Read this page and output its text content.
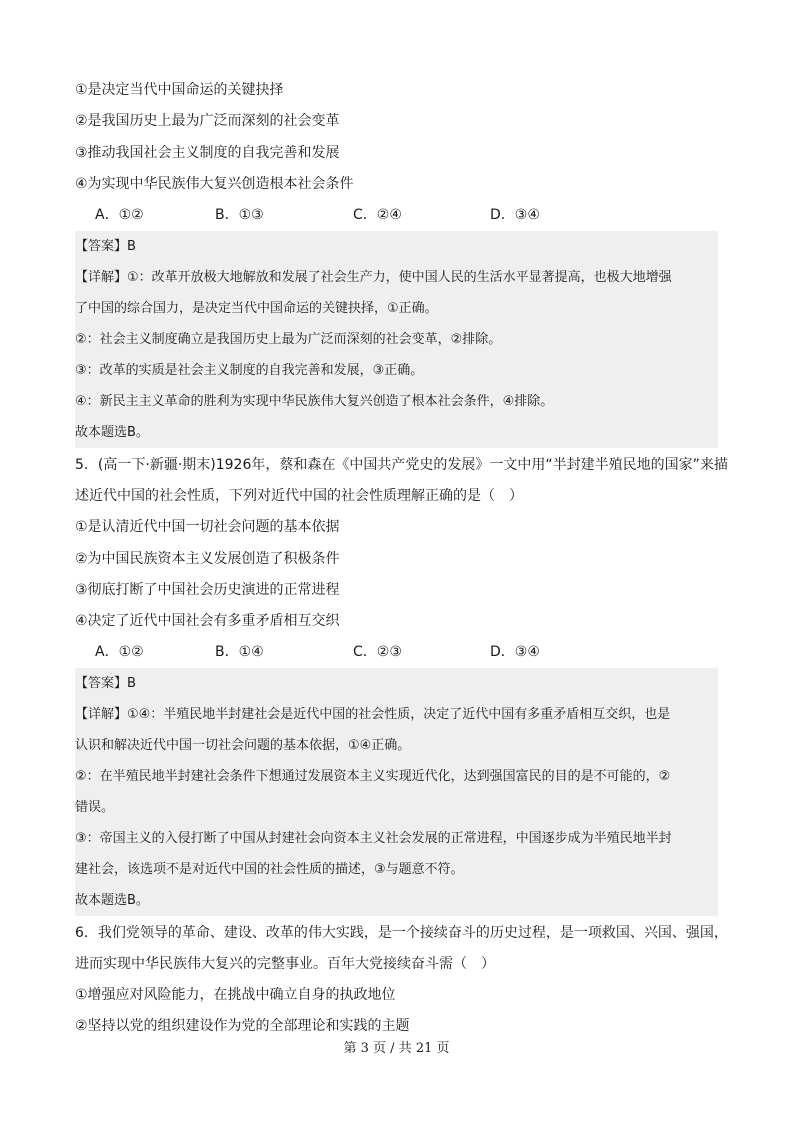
①是决定当代中国命运的关键抉择
②是我国历史上最为广泛而深刻的社会变革
③推动我国社会主义制度的自我完善和发展
④为实现中华民族伟大复兴创造根本社会条件
A．①②	B．①③	C．②④	D．③④
【答案】B
【详解】①：改革开放极大地解放和发展了社会生产力，使中国人民的生活水平显著提高，也极大地增强
了中国的综合国力，是决定当代中国命运的关键抉择，①正确。
②：社会主义制度确立是我国历史上最为广泛而深刻的社会变革，②排除。
③：改革的实质是社会主义制度的自我完善和发展，③正确。
④：新民主主义革命的胜利为实现中华民族伟大复兴创造了根本社会条件，④排除。
故本题选B。
5．(高一下·新疆·期末)1926年，蔡和森在《中国共产党史的发展》一文中用“半封建半殖民地的国家”来描
述近代中国的社会性质，下列对近代中国的社会性质理解正确的是（　）
①是认清近代中国一切社会问题的基本依据
②为中国民族资本主义发展创造了积极条件
③彻底打断了中国社会历史演进的正常进程
④决定了近代中国社会有多重矛盾相互交织
A．①②	B．①④	C．②③	D．③④
【答案】B
【详解】①④：半殖民地半封建社会是近代中国的社会性质，决定了近代中国有多重矛盾相互交织，也是
认识和解决近代中国一切社会问题的基本依据，①④正确。
②：在半殖民地半封建社会条件下想通过发展资本主义实现近代化，达到强国富民的目的是不可能的，②
错误。
③：帝国主义的入侵打断了中国从封建社会向资本主义社会发展的正常进程，中国逐步成为半殖民地半封
建社会，该选项不是对近代中国的社会性质的描述，③与题意不符。
故本题选B。
6．我们党领导的革命、建设、改革的伟大实践，是一个接续奋斗的历史过程，是一项救国、兴国、强国，
进而实现中华民族伟大复兴的完整事业。百年大党接续奋斗需（　）
①增强应对风险能力，在挑战中确立自身的执政地位
②坚持以党的组织建设作为党的全部理论和实践的主题
第 3 页 / 共 21 页
